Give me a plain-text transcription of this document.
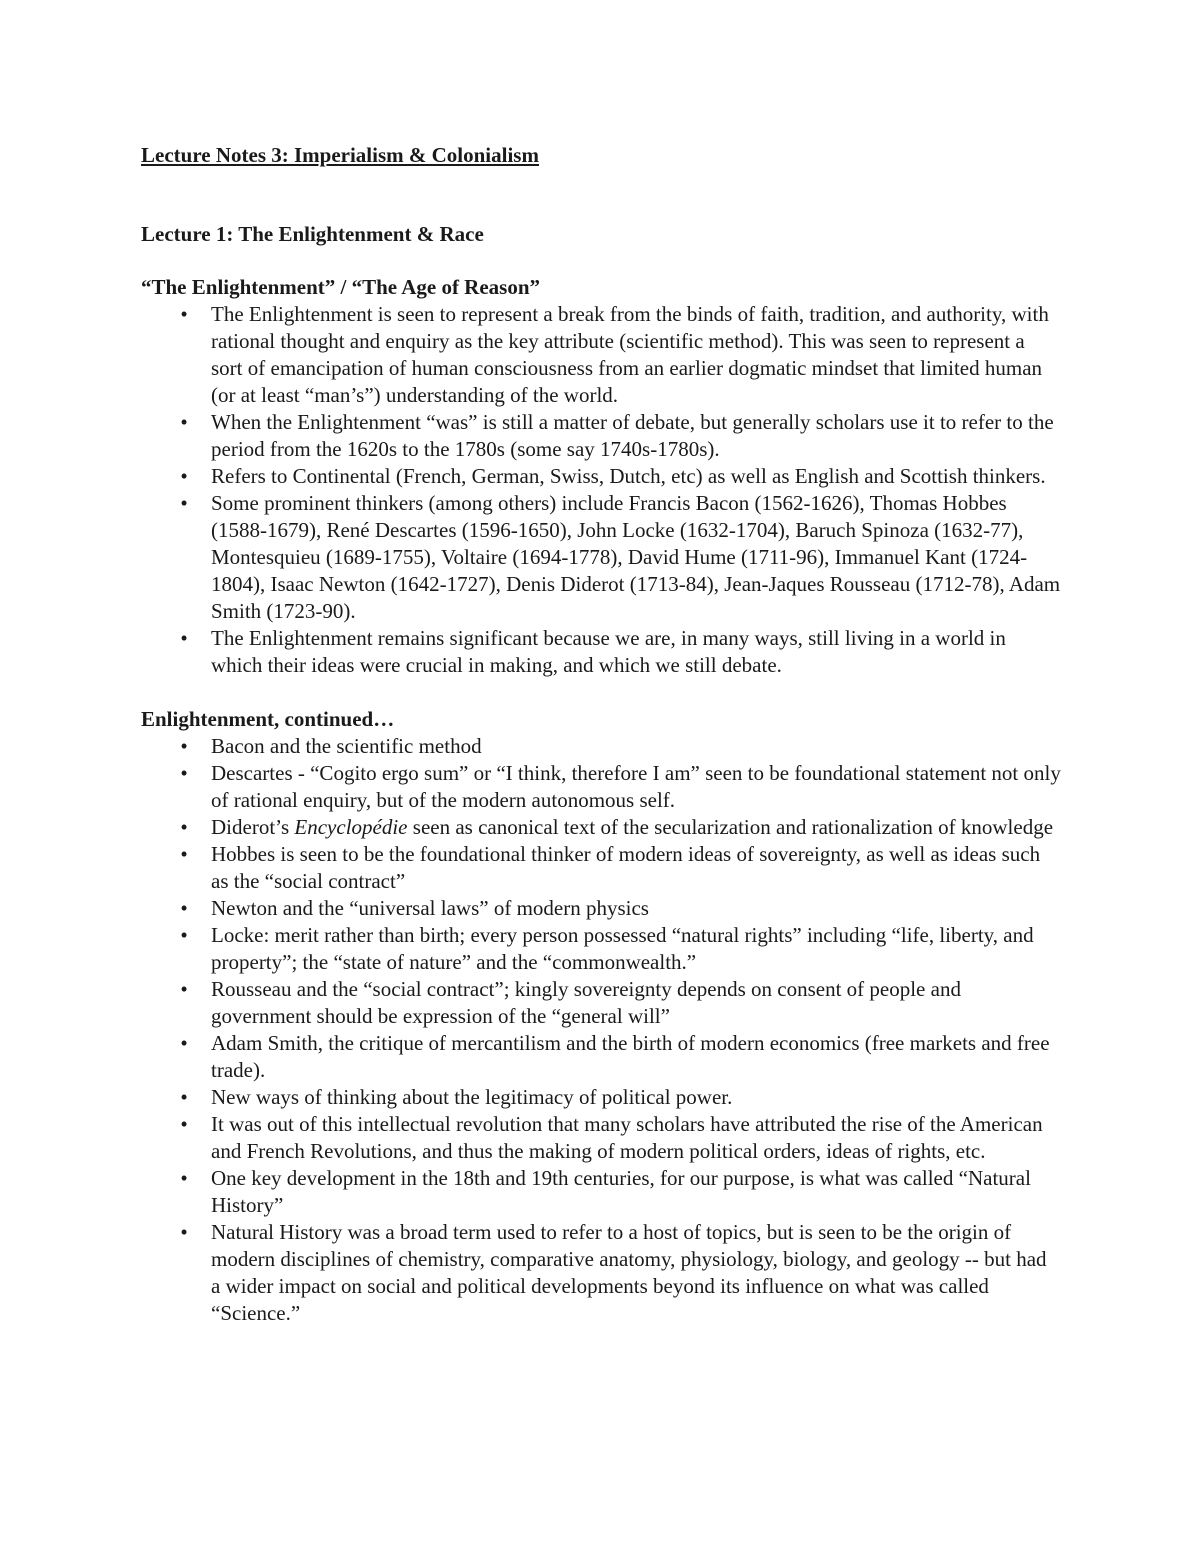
Lecture Notes 3: Imperialism & Colonialism
Lecture 1: The Enlightenment & Race
“The Enlightenment” / “The Age of Reason”
•	The Enlightenment is seen to represent a break from the binds of faith, tradition, and authority, with rational thought and enquiry as the key attribute (scientific method). This was seen to represent a sort of emancipation of human consciousness from an earlier dogmatic mindset that limited human (or at least “man’s”) understanding of the world.
•	When the Enlightenment “was” is still a matter of debate, but generally scholars use it to refer to the period from the 1620s to the 1780s (some say 1740s-1780s).
•	Refers to Continental (French, German, Swiss, Dutch, etc) as well as English and Scottish thinkers.
•	Some prominent thinkers (among others) include Francis Bacon (1562-1626), Thomas Hobbes (1588-1679), René Descartes (1596-1650), John Locke (1632-1704), Baruch Spinoza (1632-77), Montesquieu (1689-1755), Voltaire (1694-1778), David Hume (1711-96), Immanuel Kant (1724-1804), Isaac Newton (1642-1727), Denis Diderot (1713-84), Jean-Jaques Rousseau (1712-78), Adam Smith (1723-90).
•	The Enlightenment remains significant because we are, in many ways, still living in a world in which their ideas were crucial in making, and which we still debate.
Enlightenment, continued…
•	Bacon and the scientific method
•	Descartes - “Cogito ergo sum” or “I think, therefore I am” seen to be foundational statement not only of rational enquiry, but of the modern autonomous self.
•	Diderot’s Encyclopédie seen as canonical text of the secularization and rationalization of knowledge
•	Hobbes is seen to be the foundational thinker of modern ideas of sovereignty, as well as ideas such as the “social contract”
•	Newton and the “universal laws” of modern physics
•	Locke: merit rather than birth; every person possessed “natural rights” including “life, liberty, and property”; the “state of nature” and the “commonwealth.”
•	Rousseau and the “social contract”; kingly sovereignty depends on consent of people and government should be expression of the “general will”
•	Adam Smith, the critique of mercantilism and the birth of modern economics (free markets and free trade).
•	New ways of thinking about the legitimacy of political power.
•	It was out of this intellectual revolution that many scholars have attributed the rise of the American and French Revolutions, and thus the making of modern political orders, ideas of rights, etc.
•	One key development in the 18th and 19th centuries, for our purpose, is what was called “Natural History”
•	Natural History was a broad term used to refer to a host of topics, but is seen to be the origin of modern disciplines of chemistry, comparative anatomy, physiology, biology, and geology -- but had a wider impact on social and political developments beyond its influence on what was called “Science.”
